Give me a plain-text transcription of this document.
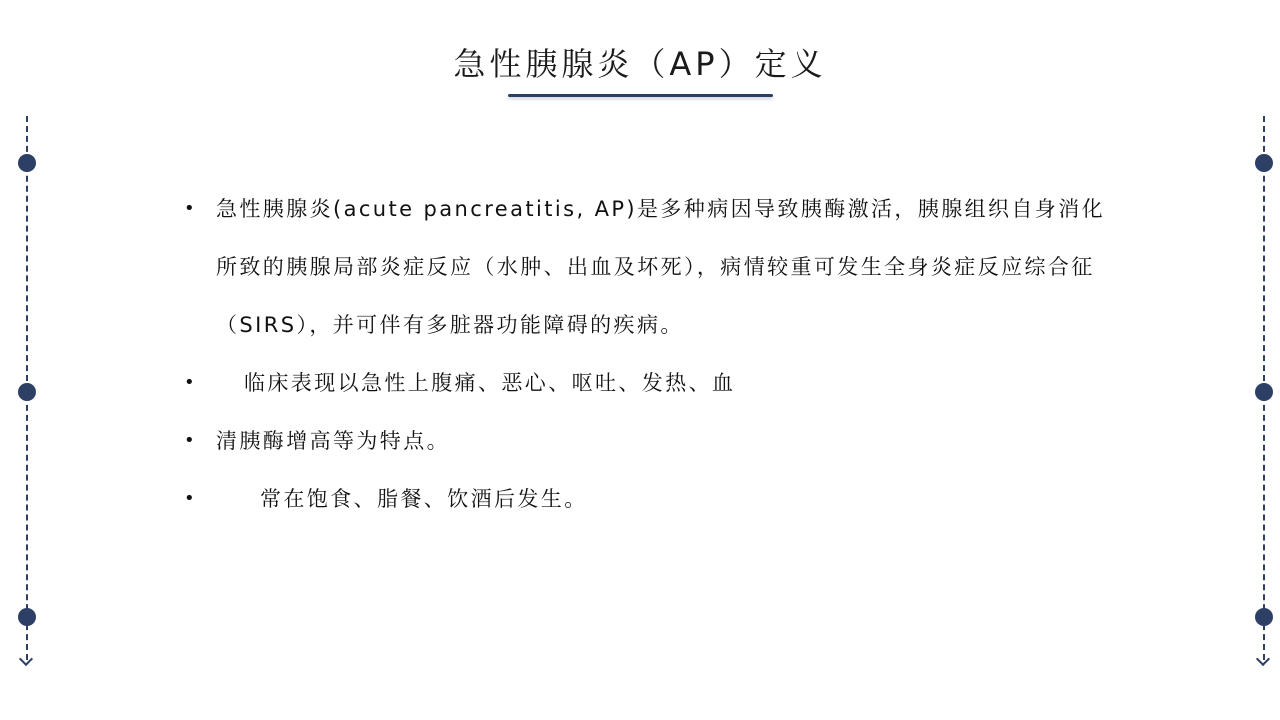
急性胰腺炎（AP）定义
• 急性胰腺炎(acute pancreatitis, AP)是多种病因导致胰酶激活，胰腺组织自身消化所致的胰腺局部炎症反应（水肿、出血及坏死），病情较重可发生全身炎症反应综合征（SIRS），并可伴有多脏器功能障碍的疾病。
•	临床表现以急性上腹痛、恶心、呕吐、发热、血
• 清胰酶增高等为特点。
•	常在饱食、脂餐、饮酒后发生。
